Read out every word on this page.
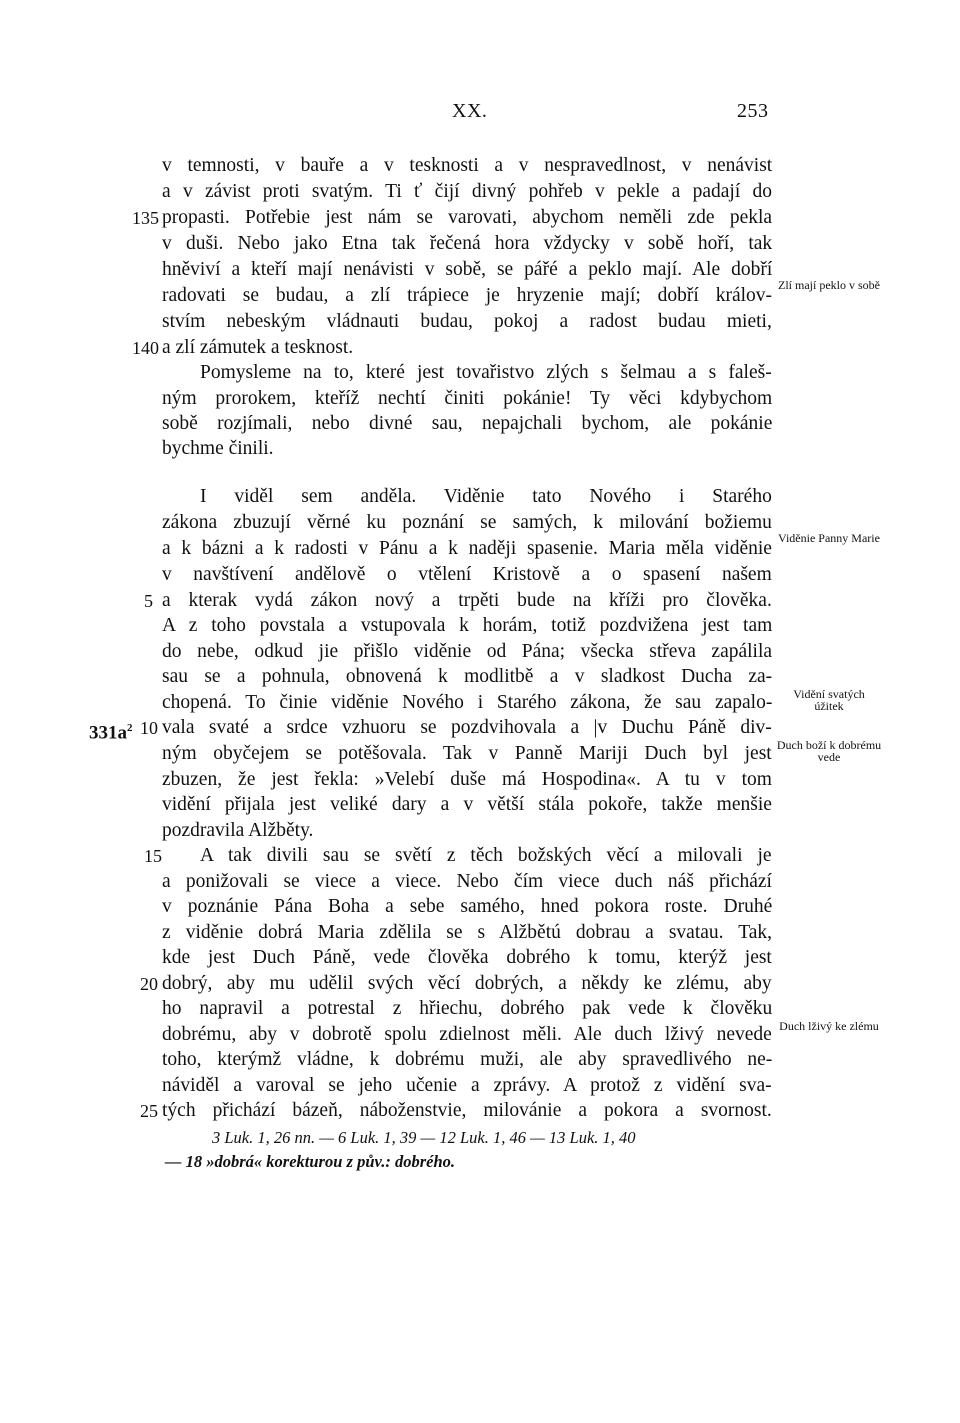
XX.	253
v temnosti, v bauře a v tesknosti a v nespravedlnost, v nenávist
a v závist proti svatým. Ti ť čijí divný pohřeb v pekle a padají do
propasti. Potřebie jest nám se varovati, abychom neměli zde pekla
v duši. Nebo jako Etna tak řečená hora vždycky v sobě hoří, tak
hněviví a kteří mají nenávisti v sobě, se pářé a peklo mají. Ale dobří
radovati se budau, a zlí trápiece je hryzenie mají; dobří králov-
stvím nebeským vládnauti budau, pokoj a radost budau mieti,
a zlí zámutek a tesknost.
Pomysleme na to, které jest tovařistvo zlých s šelmau a s faleš-
ným prorokem, kteříž nechtí činiti pokánie! Ty věci kdybychom
sobě rozjímali, nebo divné sau, nepajchali bychom, ale pokánie
bychme činili.
I viděl sem anděla. Viděnie tato Nového i Starého
zákona zbuzují věrné ku poznání se samých, k milování božiemu
a k bázni a k radosti v Pánu a k naději spasenie. Maria měla viděnie
v navštívení andělově o vtělení Kristově a o spasení našem
a kterak vydá zákon nový a trpěti bude na kříži pro člověka.
A z toho povstala a vstupovala k horám, totiž pozdvižena jest tam
do nebe, odkud jie přišlo viděnie od Pána; všecka střeva zapálila
sau se a pohnula, obnovená k modlitbě a v sladkost Ducha za-
chopená. To činie viděnie Nového i Starého zákona, že sau zapalo-
vala svaté a srdce vzhuoru se pozdvihovala a |v Duchu Páně div-
ným obyčejem se potěšovala. Tak v Panně Mariji Duch byl jest
zbuzen, že jest řekla: »Velebí duše má Hospodina«. A tu v tom
vidění přijala jest veliké dary a v větší stála pokoře, takže menšie
pozdravila Alžběty.
A tak divili sau se světí z těch božských věcí a milovali je
a ponižovali se viece a viece. Nebo čím viece duch náš přichází
v poznánie Pána Boha a sebe samého, hned pokora roste. Druhé
z viděnie dobrá Maria zdělila se s Alžbětú dobrau a svatau. Tak,
kde jest Duch Páně, vede člověka dobrého k tomu, kterýž jest
dobrý, aby mu udělil svých věcí dobrých, a někdy ke zlému, aby
ho napravil a potrestal z hřiechu, dobrého pak vede k člověku
dobrému, aby v dobrotě spolu zdielnost měli. Ale duch lživý nevede
toho, kterýmž vládne, k dobrému muži, ale aby spravedlivého ne-
náviděl a varoval se jeho učenie a zprávy. A protož z vidění sva-
tých přichází bázeň, náboženstvie, milovánie a pokora a svornost.
135
140
5
10
15
20
25
$331a^2$
Zlí mají peklo v sobě
Viděnie Panny Marie
Vidění svatých úžitek
Duch boží k dobrému vede
Duch lživý ke zlému
3 Luk. 1, 26 nn. — 6 Luk. 1, 39 — 12 Luk. 1, 46 — 13 Luk. 1, 40
— 18 »dobrá« korekturou z pův.: dobrého.
